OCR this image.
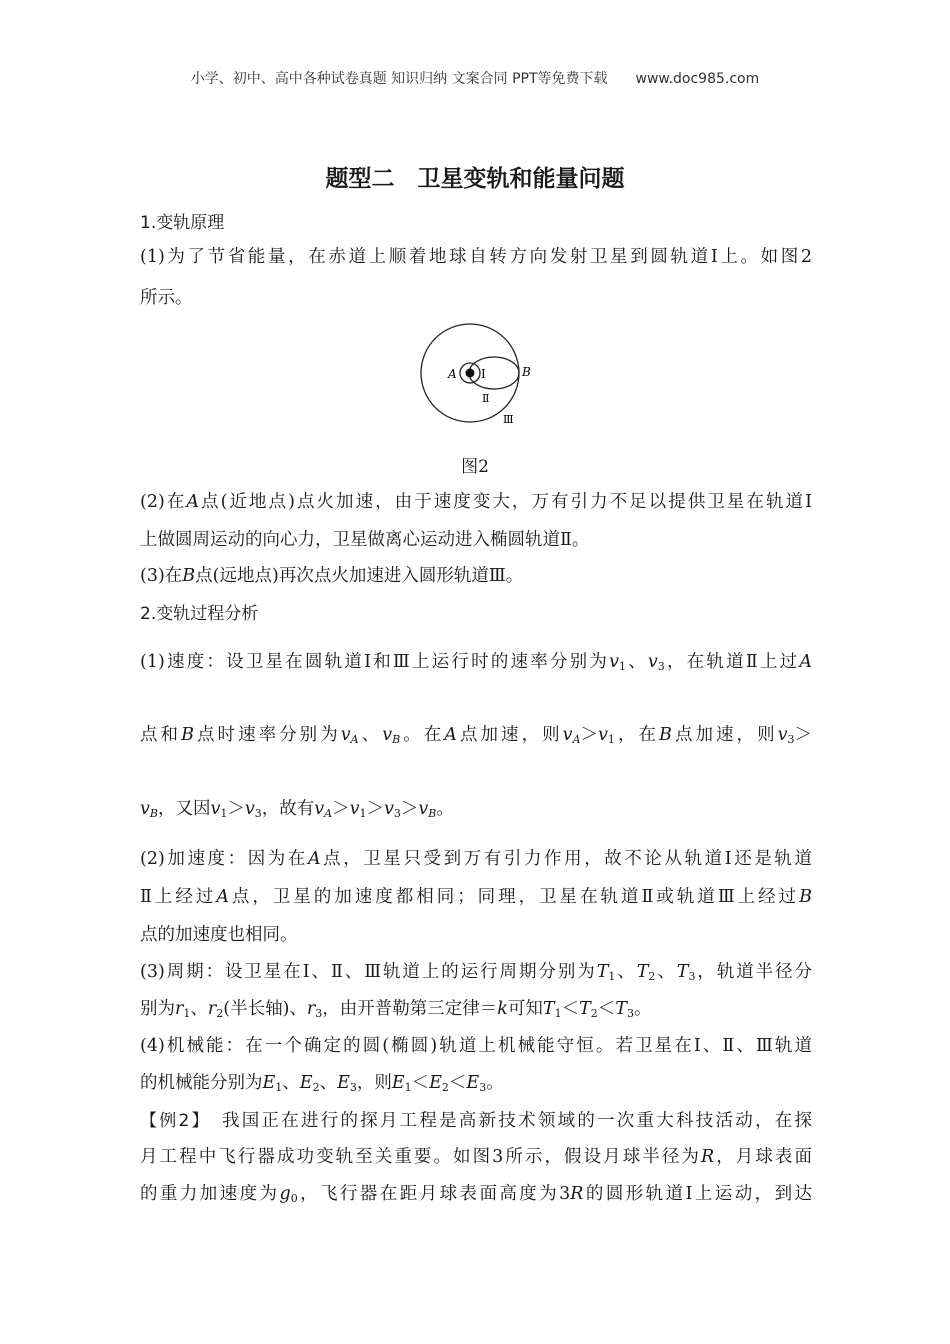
小学、初中、高中各种试卷真题 知识归纳 文案合同 PPT等免费下载 www.doc985.com
题型二　卫星变轨和能量问题
1.变轨原理
(1)为了节省能量，在赤道上顺着地球自转方向发射卫星到圆轨道Ⅰ上。如图2
所示。
A	B
Ⅰ
Ⅱ
Ⅲ
图2
(2)在A点(近地点)点火加速，由于速度变大，万有引力不足以提供卫星在轨道Ⅰ
上做圆周运动的向心力，卫星做离心运动进入椭圆轨道Ⅱ。
(3)在B点(远地点)再次点火加速进入圆形轨道Ⅲ。
2.变轨过程分析
(1)速度：设卫星在圆轨道Ⅰ和Ⅲ上运行时的速率分别为$v_1$、$v_3$，在轨道Ⅱ上过A
点和B点时速率分别为$v_A$、$v_B$。在A点加速，则$v_A>v_1$，在B点加速，则$v_3>$
$v_B$，又因$v_1>v_3$，故有$v_A>v_1>v_3>v_B$。
(2)加速度：因为在A点，卫星只受到万有引力作用，故不论从轨道Ⅰ还是轨道
Ⅱ上经过A点，卫星的加速度都相同；同理，卫星在轨道Ⅱ或轨道Ⅲ上经过B
点的加速度也相同。
(3)周期：设卫星在Ⅰ、Ⅱ、Ⅲ轨道上的运行周期分别为$T_1$、$T_2$、$T_3$，轨道半径分
别为$r_1$、$r_2$(半长轴)、$r_3$，由开普勒第三定律＝k可知$T_1<T_2<T_3$。
(4)机械能：在一个确定的圆(椭圆)轨道上机械能守恒。若卫星在Ⅰ、Ⅱ、Ⅲ轨道
的机械能分别为$E_1$、$E_2$、$E_3$，则$E_1<E_2<E_3$。
【例2】　我国正在进行的探月工程是高新技术领域的一次重大科技活动，在探
月工程中飞行器成功变轨至关重要。如图3所示，假设月球半径为R，月球表面
的重力加速度为$g_0$，飞行器在距月球表面高度为3R的圆形轨道Ⅰ上运动，到达
